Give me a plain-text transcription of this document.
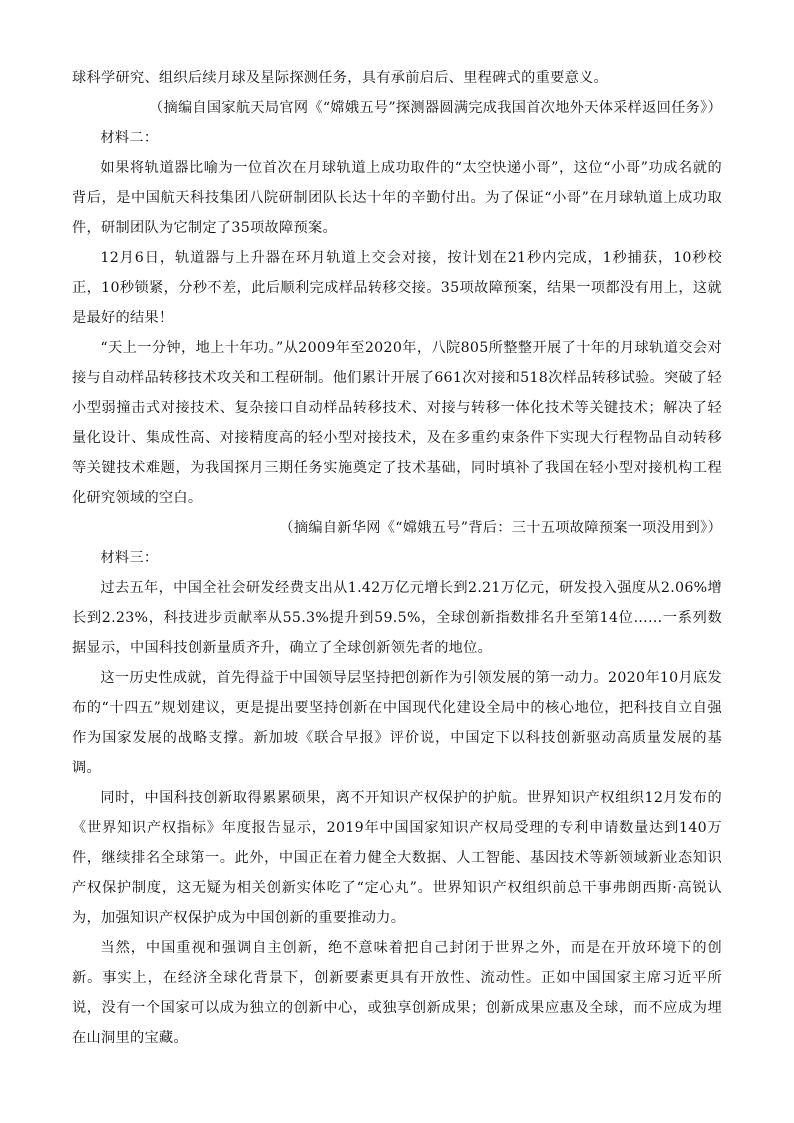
球科学研究、组织后续月球及星际探测任务，具有承前启后、里程碑式的重要意义。

（摘编自国家航天局官网《“嫦娥五号”探测器圆满完成我国首次地外天体采样返回任务》）

材料二：

如果将轨道器比喻为一位首次在月球轨道上成功取件的“太空快递小哥”，这位“小哥”功成名就的背后，是中国航天科技集团八院研制团队长达十年的辛勤付出。为了保证“小哥”在月球轨道上成功取件，研制团队为它制定了35项故障预案。

12月6日，轨道器与上升器在环月轨道上交会对接，按计划在21秒内完成，1秒捕获，10秒校正，10秒锁紧，分秒不差，此后顺利完成样品转移交接。35项故障预案，结果一项都没有用上，这就是最好的结果！

“天上一分钟，地上十年功。”从2009年至2020年，八院805所整整开展了十年的月球轨道交会对接与自动样品转移技术攻关和工程研制。他们累计开展了661次对接和518次样品转移试验。突破了轻小型弱撞击式对接技术、复杂接口自动样品转移技术、对接与转移一体化技术等关键技术；解决了轻量化设计、集成性高、对接精度高的轻小型对接技术，及在多重约束条件下实现大行程物品自动转移等关键技术难题，为我国探月三期任务实施奠定了技术基础，同时填补了我国在轻小型对接机构工程化研究领域的空白。

（摘编自新华网《“嫦娥五号”背后：三十五项故障预案一项没用到》）

材料三：

过去五年，中国全社会研发经费支出从1.42万亿元增长到2.21万亿元，研发投入强度从2.06%增长到2.23%，科技进步贡献率从55.3%提升到59.5%，全球创新指数排名升至第14位……一系列数据显示，中国科技创新量质齐升，确立了全球创新领先者的地位。

这一历史性成就，首先得益于中国领导层坚持把创新作为引领发展的第一动力。2020年10月底发布的“十四五”规划建议，更是提出要坚持创新在中国现代化建设全局中的核心地位，把科技自立自强作为国家发展的战略支撑。新加坡《联合早报》评价说，中国定下以科技创新驱动高质量发展的基调。

同时，中国科技创新取得累累硕果，离不开知识产权保护的护航。世界知识产权组织12月发布的《世界知识产权指标》年度报告显示，2019年中国国家知识产权局受理的专利申请数量达到140万件，继续排名全球第一。此外，中国正在着力健全大数据、人工智能、基因技术等新领域新业态知识产权保护制度，这无疑为相关创新实体吃了“定心丸”。世界知识产权组织前总干事弗朗西斯·高锐认为，加强知识产权保护成为中国创新的重要推动力。

当然，中国重视和强调自主创新，绝不意味着把自己封闭于世界之外，而是在开放环境下的创新。事实上，在经济全球化背景下，创新要素更具有开放性、流动性。正如中国国家主席习近平所说，没有一个国家可以成为独立的创新中心，或独享创新成果；创新成果应惠及全球，而不应成为埋在山洞里的宝藏。
